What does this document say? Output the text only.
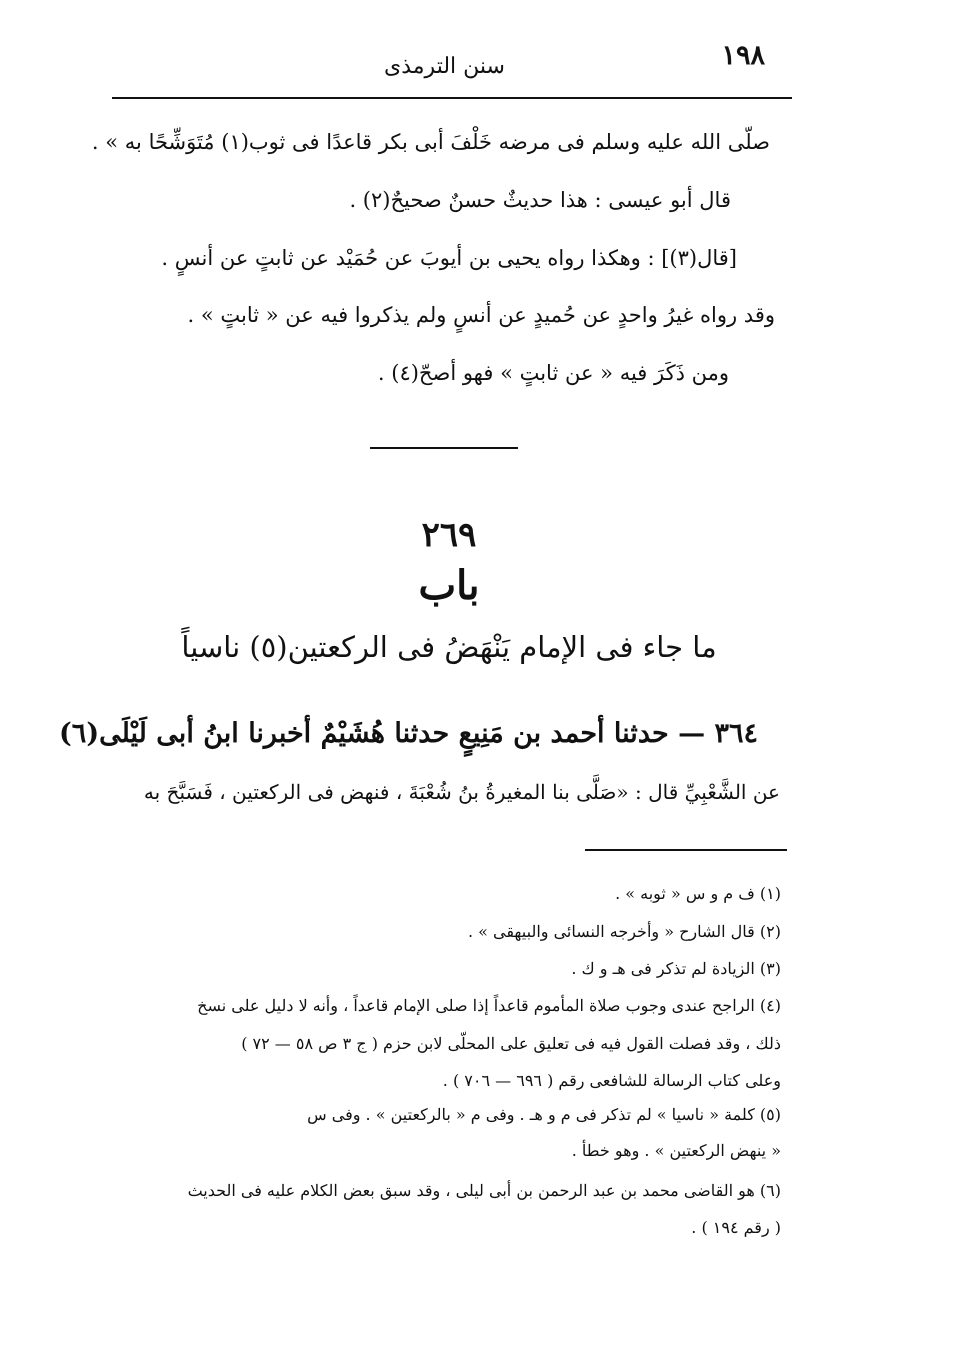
١٩٨
سنن الترمذى
صلّى الله عليه وسلم فى مرضه خَلْفَ أبى بكر قاعدًا فى ثوب(١) مُتَوَشِّحًا به » .
قال أبو عيسى : هذا حديثٌ حسنٌ صحيحٌ(٢) .
[قال(٣)] : وهكذا رواه يحيى بن أيوبَ عن حُمَيْد عن ثابتٍ عن أنسٍ .
وقد رواه غيرُ واحدٍ عن حُميدٍ عن أنسٍ ولم يذكروا فيه عن « ثابتٍ » .
ومن ذَكَرَ فيه « عن ثابتٍ » فهو أصحّ(٤) .
٢٦٩
باب
ما جاء فى الإمام يَنْهَضُ فى الركعتين(٥) ناسياً
٣٦٤ — حدثنا أحمد بن مَنِيعٍ حدثنا هُشَيْمٌ أخبرنا ابنُ أبى لَيْلَى(٦)
عن الشَّعْبِيِّ قال : «صَلَّى بنا المغيرةُ بنُ شُعْبَةَ ، فنهض فى الركعتين ، فَسَبَّحَ به
(١) ف م و س « ثوبه » .
(٢) قال الشارح « وأخرجه النسائى والبيهقى » .
(٣) الزيادة لم تذكر فى هـ و ك .
(٤) الراجح عندى وجوب صلاة المأموم قاعداً إذا صلى الإمام قاعداً ، وأنه لا دليل على نسخ
ذلك ، وقد فصلت القول فيه فى تعليق على المحلّى لابن حزم ( ج ٣ ص ٥٨ — ٧٢ )
وعلى كتاب الرسالة للشافعى رقم ( ٦٩٦ — ٧٠٦ ) .
(٥) كلمة « ناسيا » لم تذكر فى م و هـ . وفى م « بالركعتين » . وفى س
« ينهض الركعتين » . وهو خطأ .
(٦) هو القاضى محمد بن عبد الرحمن بن أبى ليلى ، وقد سبق بعض الكلام عليه فى الحديث
( رقم ١٩٤ ) .
